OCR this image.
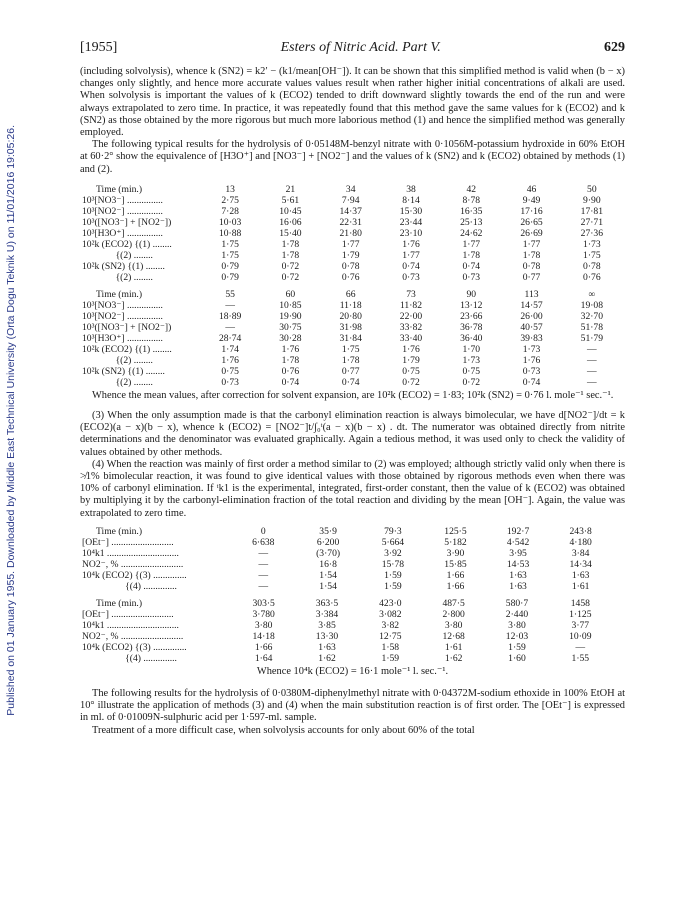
Published on 01 January 1955. Downloaded by Middle East Technical University (Orta Dogu Teknik U) on 11/01/2016 19:05:26.
[1955]	Esters of Nitric Acid. Part V.	629

(including solvolysis), whence k (SN2) = k2′ − (k1/mean[OH⁻]). It can be shown that this simplified method is valid when (b − x) changes only slightly, and hence more accurate values values result when rather higher initial concentrations of alkali are used. When solvolysis is important the values of k (ECO2) tended to drift downward slightly towards the end of the run and were always extrapolated to zero time. In practice, it was repeatedly found that this method gave the same values for k (ECO2) and k (SN2) as those obtained by the more rigorous but much more laborious method (1) and hence the simplified method was generally employed.

The following typical results for the hydrolysis of 0·05148M-benzyl nitrate with 0·1056M-potassium hydroxide in 60% EtOH at 60·2° show the equivalence of [H3O⁺] and [NO3⁻] + [NO2⁻] and the values of k (SN2) and k (ECO2) obtained by methods (1) and (2).

Time (min.)	13	21	34	38	42	46	50
10³[NO3⁻] ...............	2·75	5·61	7·94	8·14	8·78	9·49	9·90
10³[NO2⁻] ...............	7·28	10·45	14·37	15·30	16·35	17·16	17·81
10³([NO3⁻] + [NO2⁻])	10·03	16·06	22·31	23·44	25·13	26·65	27·71
10³[H3O⁺] ...............	10·88	15·40	21·80	23·10	24·62	26·69	27·36
10²k (ECO2) {(1) ........	1·75	1·78	1·77	1·76	1·77	1·77	1·73
{(2) ........	1·75	1·78	1·79	1·77	1·78	1·78	1·75
10²k (SN2) {(1) ........	0·79	0·72	0·78	0·74	0·74	0·78	0·78
{(2) ........	0·79	0·72	0·76	0·73	0·73	0·77	0·76
Time (min.)	55	60	66	73	90	113	∞
10³[NO3⁻] ...............	—	10·85	11·18	11·82	13·12	14·57	19·08
10³[NO2⁻] ...............	18·89	19·90	20·80	22·00	23·66	26·00	32·70
10³([NO3⁻] + [NO2⁻])	—	30·75	31·98	33·82	36·78	40·57	51·78
10³[H3O⁺] ...............	28·74	30·28	31·84	33·40	36·40	39·83	51·79
10²k (ECO2) {(1) ........	1·74	1·76	1·75	1·76	1·70	1·73	—
{(2) ........	1·76	1·78	1·78	1·79	1·73	1·76	—
10²k (SN2) {(1) ........	0·75	0·76	0·77	0·75	0·75	0·73	—
{(2) ........	0·73	0·74	0·74	0·72	0·72	0·74	—

Whence the mean values, after correction for solvent expansion, are 10²k (ECO2) = 1·83; 10²k (SN2) = 0·76 l. mole⁻¹ sec.⁻¹.

(3) When the only assumption made is that the carbonyl elimination reaction is always bimolecular, we have d[NO2⁻]/dt = k (ECO2)(a − x)(b − x), whence k (ECO2) = [NO2⁻]t/∫₀ᵗ(a − x)(b − x) . dt. The numerator was obtained directly from nitrite determinations and the denominator was evaluated graphically. Again a tedious method, it was used only to check the validity of values obtained by other methods.

(4) When the reaction was mainly of first order a method similar to (2) was employed; although strictly valid only when there is ≯1% bimolecular reaction, it was found to give identical values with those obtained by rigorous methods even when there was 10% of carbonyl elimination. If ᵗk1 is the experimental, integrated, first-order constant, then the value of k (ECO2) was obtained by multiplying it by the carbonyl-elimination fraction of the total reaction and dividing by the mean [OH⁻]. Again, the value was extrapolated to zero time.

Time (min.)	0	35·9	79·3	125·5	192·7	243·8
[OEt⁻] ..........................	6·638	6·200	5·664	5·182	4·542	4·180
10⁴k1 ..............................	—	(3·70)	3·92	3·90	3·95	3·84
NO2⁻, % ..........................	—	16·8	15·78	15·85	14·53	14·34
10⁴k (ECO2) {(3) ..............	—	1·54	1·59	1·66	1·63	1·63
{(4) ..............	—	1·54	1·59	1·66	1·63	1·61
Time (min.)	303·5	363·5	423·0	487·5	580·7	1458
[OEt⁻] ..........................	3·780	3·384	3·082	2·800	2·440	1·125
10⁴k1 ..............................	3·80	3·85	3·82	3·80	3·80	3·77
NO2⁻, % ..........................	14·18	13·30	12·75	12·68	12·03	10·09
10⁴k (ECO2) {(3) ..............	1·66	1·63	1·58	1·61	1·59	—
{(4) ..............	1·64	1·62	1·59	1·62	1·60	1·55

Whence 10⁴k (ECO2) = 16·1 mole⁻¹ l. sec.⁻¹.

The following results for the hydrolysis of 0·0380M-diphenylmethyl nitrate with 0·04372M-sodium ethoxide in 100% EtOH at 10° illustrate the application of methods (3) and (4) when the main substitution reaction is of first order. The [OEt⁻] is expressed in ml. of 0·01009N-sulphuric acid per 1·597-ml. sample.

Treatment of a more difficult case, when solvolysis accounts for only about 60% of the total
